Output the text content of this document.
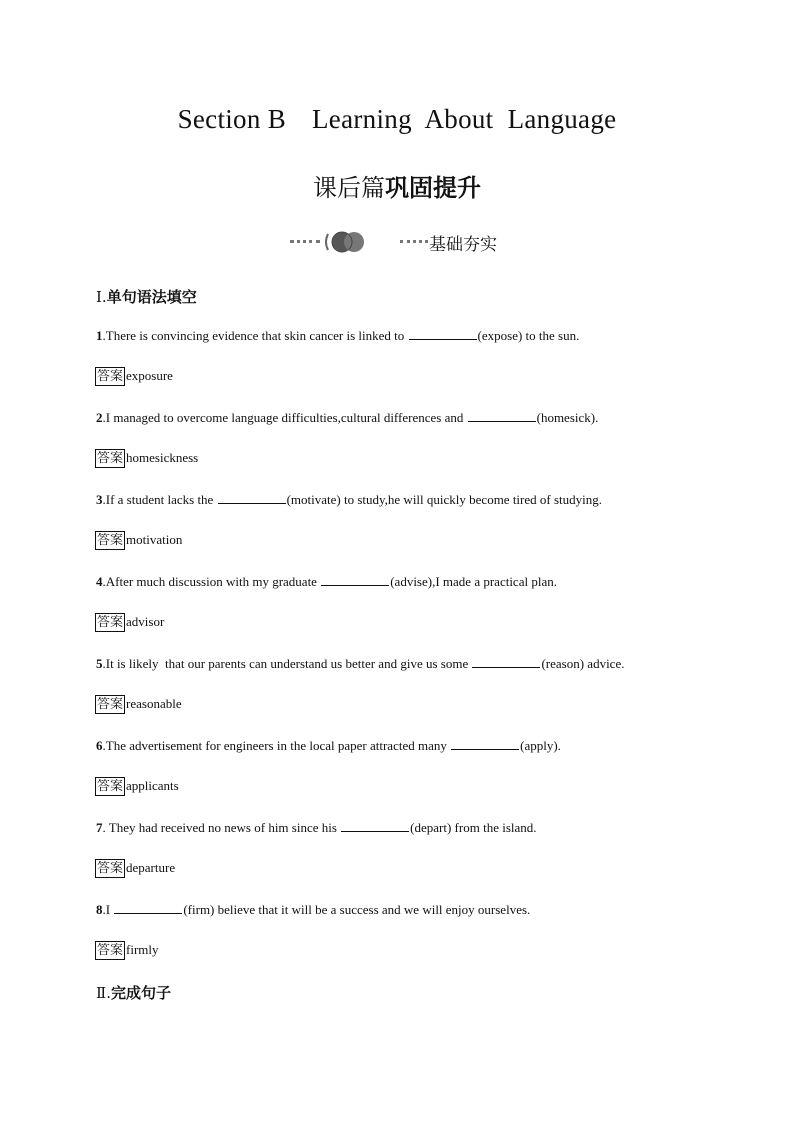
Section B Learning  About  Language
课后篇巩固提升
基础夯实
Ⅰ.单句语法填空
1.There is convincing evidence that skin cancer is linked to	(expose) to the sun.
答案 exposure
2.I managed to overcome language difficulties,cultural differences and	(homesick).
答案 homesickness
3.If a student lacks the	(motivate) to study,he will quickly become tired of studying.
答案 motivation
4.After much discussion with my graduate	(advise),I made a practical plan.
答案 advisor
5.It is likely  that our parents can understand us better and give us some	(reason) advice.
答案 reasonable
6.The advertisement for engineers in the local paper attracted many	(apply).
答案 applicants
7. They had received no news of him since his	(depart) from the island.
答案 departure
8.I	(firm) believe that it will be a success and we will enjoy ourselves.
答案 firmly
Ⅱ.完成句子
